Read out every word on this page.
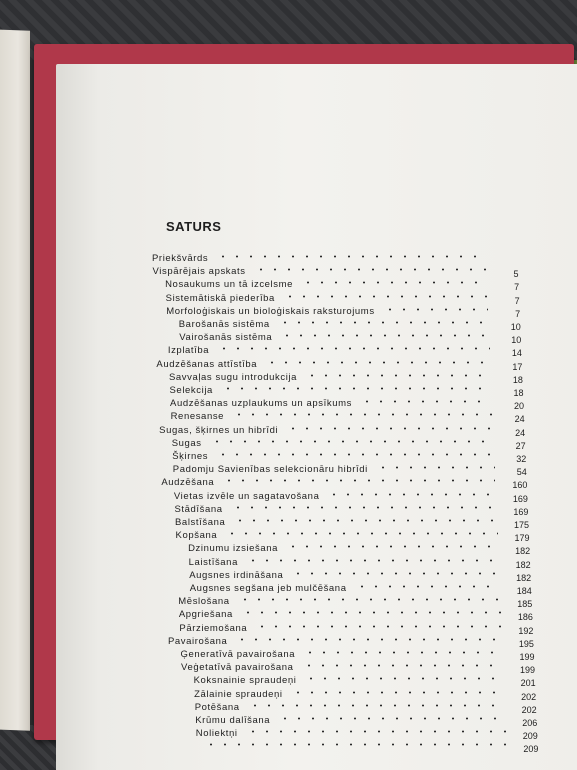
SATURS
Priekšvārds
Vispārējais apskats	5
Nosaukums un tā izcelsme	7
Sistemātiskā piederība	7
Morfoloģiskais un bioloģiskais raksturojums	7
Barošanās sistēma	10
Vairošanās sistēma	10
Izplatība	14
Audzēšanas attīstība	17
Savvaļas sugu introdukcija	18
Selekcija	18
Audzēšanas uzplaukums un apsīkums	20
Renesanse	24
Sugas, šķirnes un hibrīdi	24
Sugas	27
Šķirnes	32
Padomju Savienības selekcionāru hibrīdi	54
Audzēšana	160
Vietas izvēle un sagatavošana	169
Stādīšana	169
Balstīšana	175
Kopšana	179
Dzinumu izsiešana	182
Laistīšana	182
Augsnes irdināšana	182
Augsnes segšana jeb mulčēšana	184
Mēslošana	185
Apgriešana	186
Pārziemošana	192
Pavairošana	195
Ģeneratīvā pavairošana	199
Veģetatīvā pavairošana	199
Koksnainie spraudeņi	201
Zālainie spraudeņi	202
Potēšana	202
Krūmu dalīšana	206
Noliektņi	209
209
